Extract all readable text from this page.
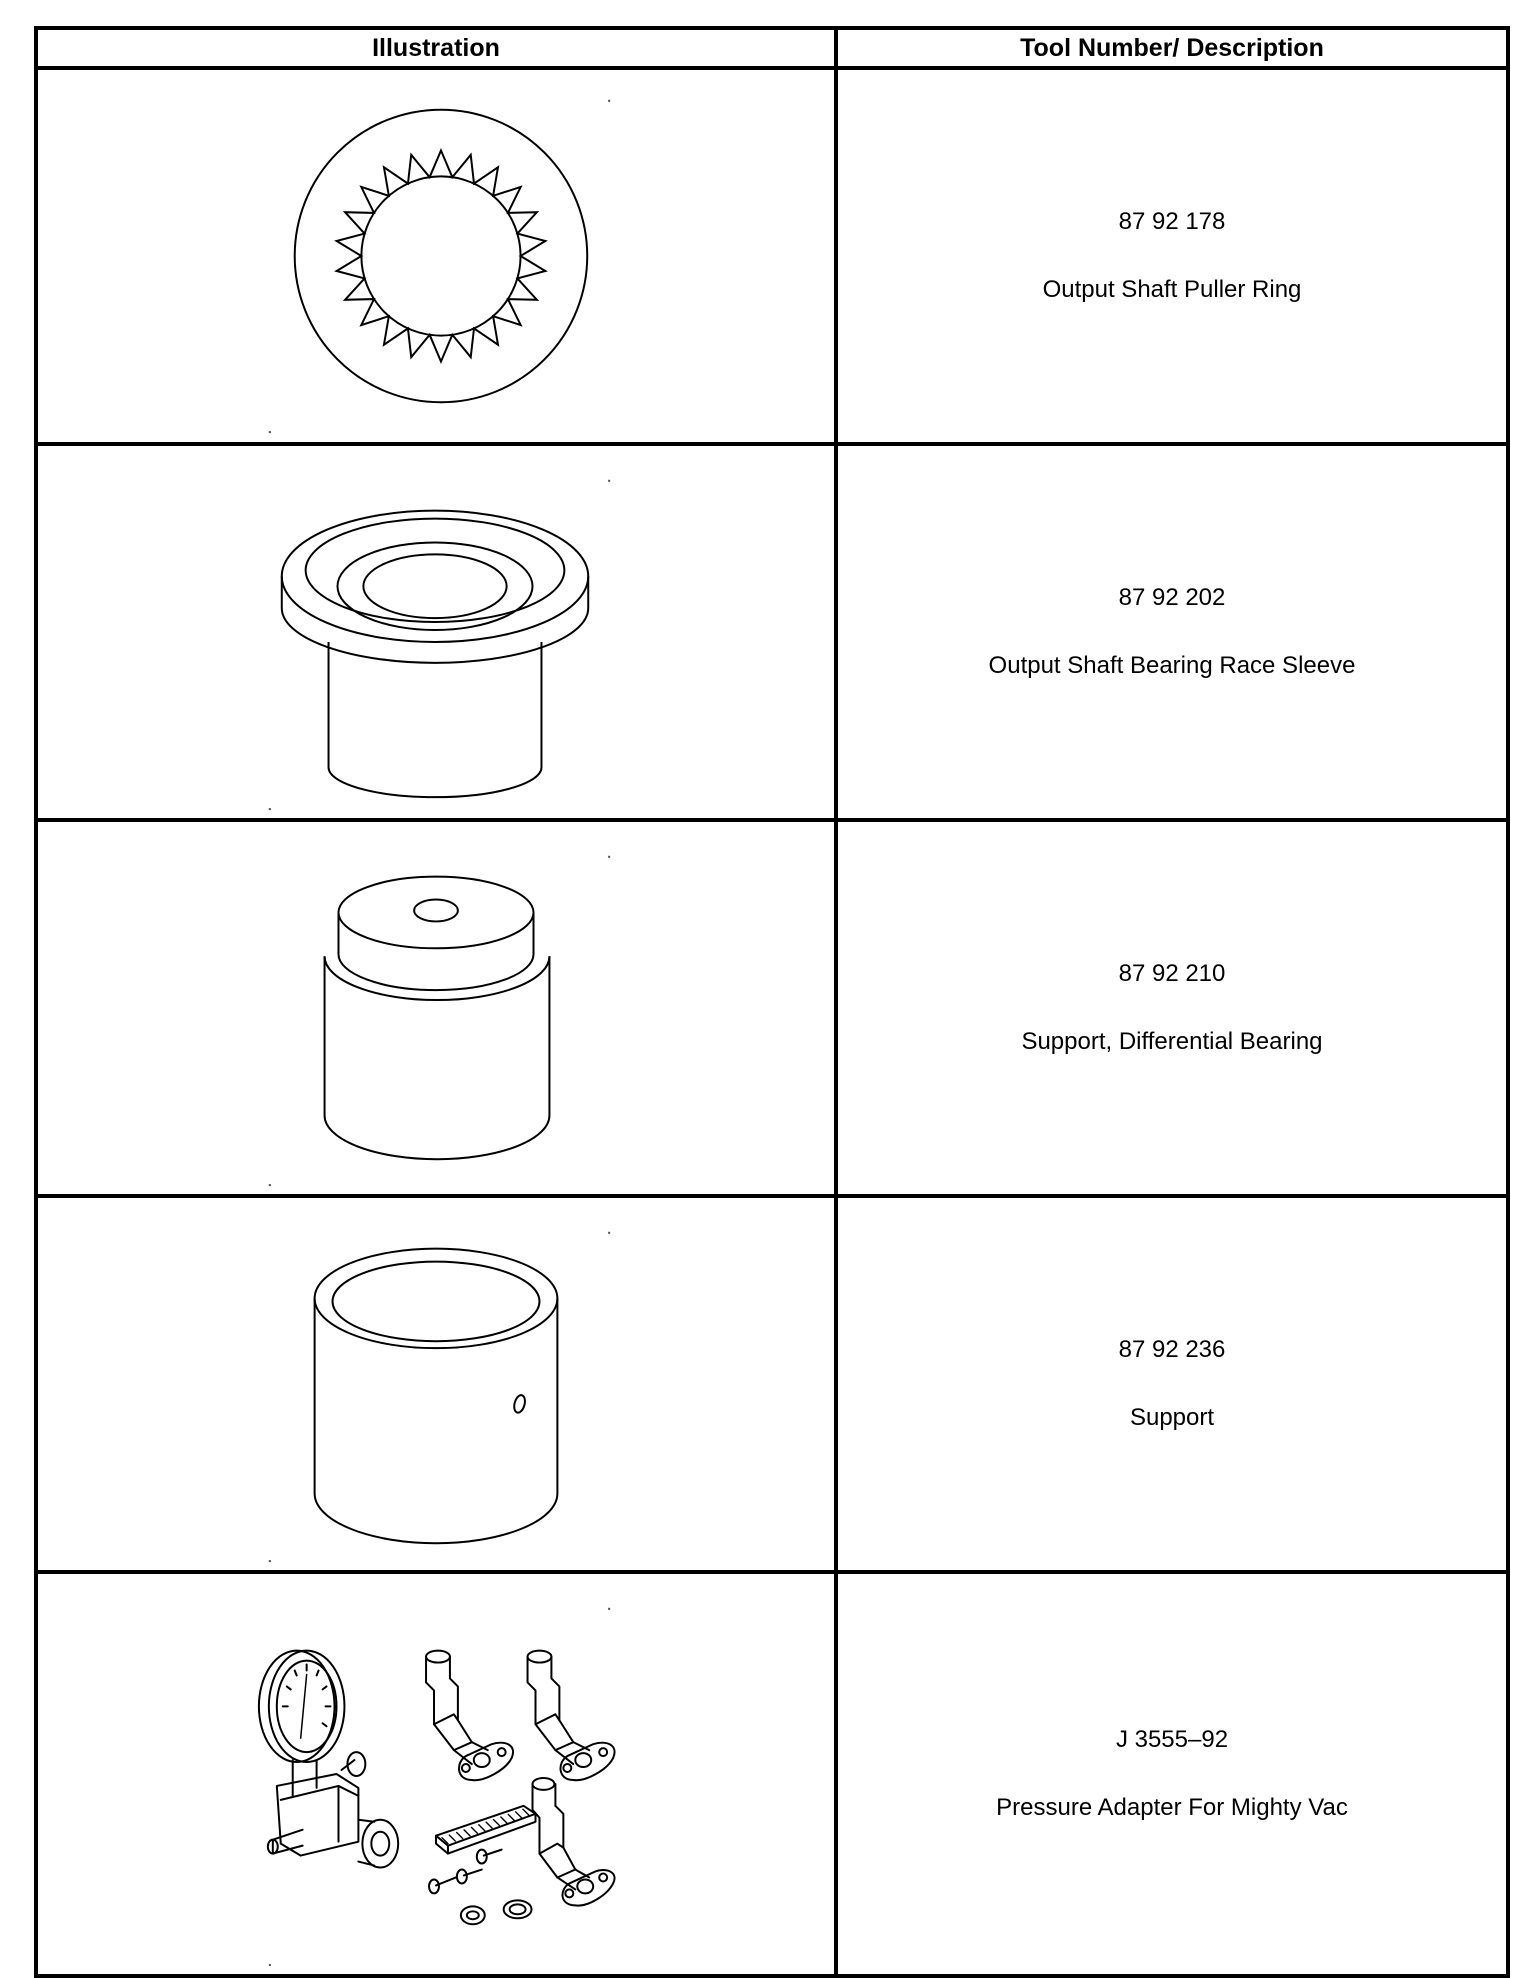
Illustration	Tool Number/ Description

87 92 178
Output Shaft Puller Ring

87 92 202
Output Shaft Bearing Race Sleeve

87 92 210
Support, Differential Bearing

87 92 236
Support

J 3555–92
Pressure Adapter For Mighty Vac
